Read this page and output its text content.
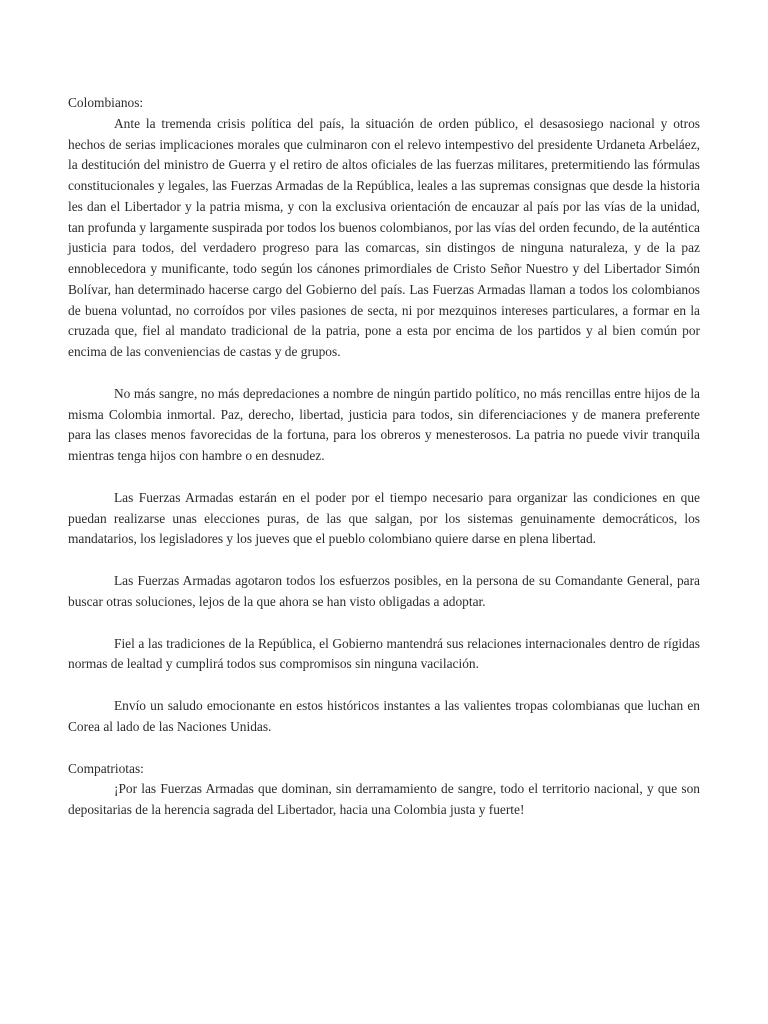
Colombianos:

Ante la tremenda crisis política del país, la situación de orden público, el desasosiego nacional y otros hechos de serias implicaciones morales que culminaron con el relevo intempestivo del presidente Urdaneta Arbeláez, la destitución del ministro de Guerra y el retiro de altos oficiales de las fuerzas militares, pretermitiendo las fórmulas constitucionales y legales, las Fuerzas Armadas de la República, leales a las supremas consignas que desde la historia les dan el Libertador y la patria misma, y con la exclusiva orientación de encauzar al país por las vías de la unidad, tan profunda y largamente suspirada por todos los buenos colombianos, por las vías del orden fecundo, de la auténtica justicia para todos, del verdadero progreso para las comarcas, sin distingos de ninguna naturaleza, y de la paz ennoblecedora y munificante, todo según los cánones primordiales de Cristo Señor Nuestro y del Libertador Simón Bolívar, han determinado hacerse cargo del Gobierno del país. Las Fuerzas Armadas llaman a todos los colombianos de buena voluntad, no corroídos por viles pasiones de secta, ni por mezquinos intereses particulares, a formar en la cruzada que, fiel al mandato tradicional de la patria, pone a esta por encima de los partidos y al bien común por encima de las conveniencias de castas y de grupos.

No más sangre, no más depredaciones a nombre de ningún partido político, no más rencillas entre hijos de la misma Colombia inmortal. Paz, derecho, libertad, justicia para todos, sin diferenciaciones y de manera preferente para las clases menos favorecidas de la fortuna, para los obreros y menesterosos. La patria no puede vivir tranquila mientras tenga hijos con hambre o en desnudez.

Las Fuerzas Armadas estarán en el poder por el tiempo necesario para organizar las condiciones en que puedan realizarse unas elecciones puras, de las que salgan, por los sistemas genuinamente democráticos, los mandatarios, los legisladores y los jueves que el pueblo colombiano quiere darse en plena libertad.

Las Fuerzas Armadas agotaron todos los esfuerzos posibles, en la persona de su Comandante General, para buscar otras soluciones, lejos de la que ahora se han visto obligadas a adoptar.

Fiel a las tradiciones de la República, el Gobierno mantendrá sus relaciones internacionales dentro de rígidas normas de lealtad y cumplirá todos sus compromisos sin ninguna vacilación.

Envío un saludo emocionante en estos históricos instantes a las valientes tropas colombianas que luchan en Corea al lado de las Naciones Unidas.

Compatriotas:

¡Por las Fuerzas Armadas que dominan, sin derramamiento de sangre, todo el territorio nacional, y que son depositarias de la herencia sagrada del Libertador, hacia una Colombia justa y fuerte!
